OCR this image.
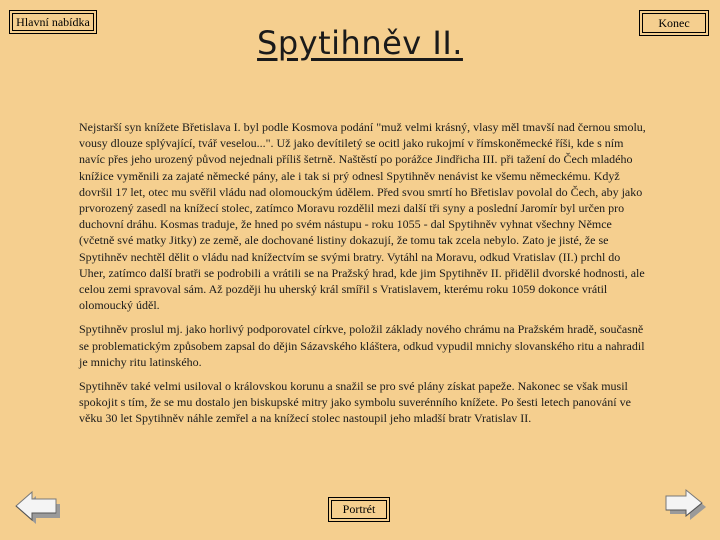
Hlavní nabídka
Spytihněv II.
Konec

Nejstarší syn knížete Břetislava I. byl podle Kosmova podání "muž velmi krásný, vlasy měl tmavší nad černou smolu, vousy dlouze splývající, tvář veselou...". Už jako devítiletý se ocitl jako rukojmí v římskoněmecké říši, kde s ním navíc přes jeho urozený původ nejednali příliš šetrně. Naštěstí po porážce Jindřicha III. při tažení do Čech mladého knížice vyměnili za zajaté německé pány, ale i tak si prý odnesl Spytihněv nenávist ke všemu německému. Když dovršil 17 let, otec mu svěřil vládu nad olomouckým údělem. Před svou smrtí ho Břetislav povolal do Čech, aby jako prvorozený zasedl na knížecí stolec, zatímco Moravu rozdělil mezi další tři syny a poslední Jaromír byl určen pro duchovní dráhu. Kosmas traduje, že hned po svém nástupu - roku 1055 - dal Spytihněv vyhnat všechny Němce (včetně své matky Jitky) ze země, ale dochované listiny dokazují, že tomu tak zcela nebylo. Zato je jisté, že se Spytihněv nechtěl dělit o vládu nad knížectvím se svými bratry. Vytáhl na Moravu, odkud Vratislav (II.) prchl do Uher, zatímco další bratři se podrobili a vrátili se na Pražský hrad, kde jim Spytihněv II. přidělil dvorské hodnosti, ale celou zemi spravoval sám. Až později hu uherský král smířil s Vratislavem, kterému roku 1059 dokonce vrátil olomoucký úděl.

Spytihněv proslul mj. jako horlivý podporovatel církve, položil základy nového chrámu na Pražském hradě, současně se problematickým způsobem zapsal do dějin Sázavského kláštera, odkud vypudil mnichy slovanského ritu a nahradil je mnichy ritu latinského.

Spytihněv také velmi usiloval o královskou korunu a snažil se pro své plány získat papeže. Nakonec se však musil spokojit s tím, že se mu dostalo jen biskupské mitry jako symbolu suverénního knížete. Po šesti letech panování ve věku 30 let Spytihněv náhle zemřel a na knížecí stolec nastoupil jeho mladší bratr Vratislav II.

Portrét
